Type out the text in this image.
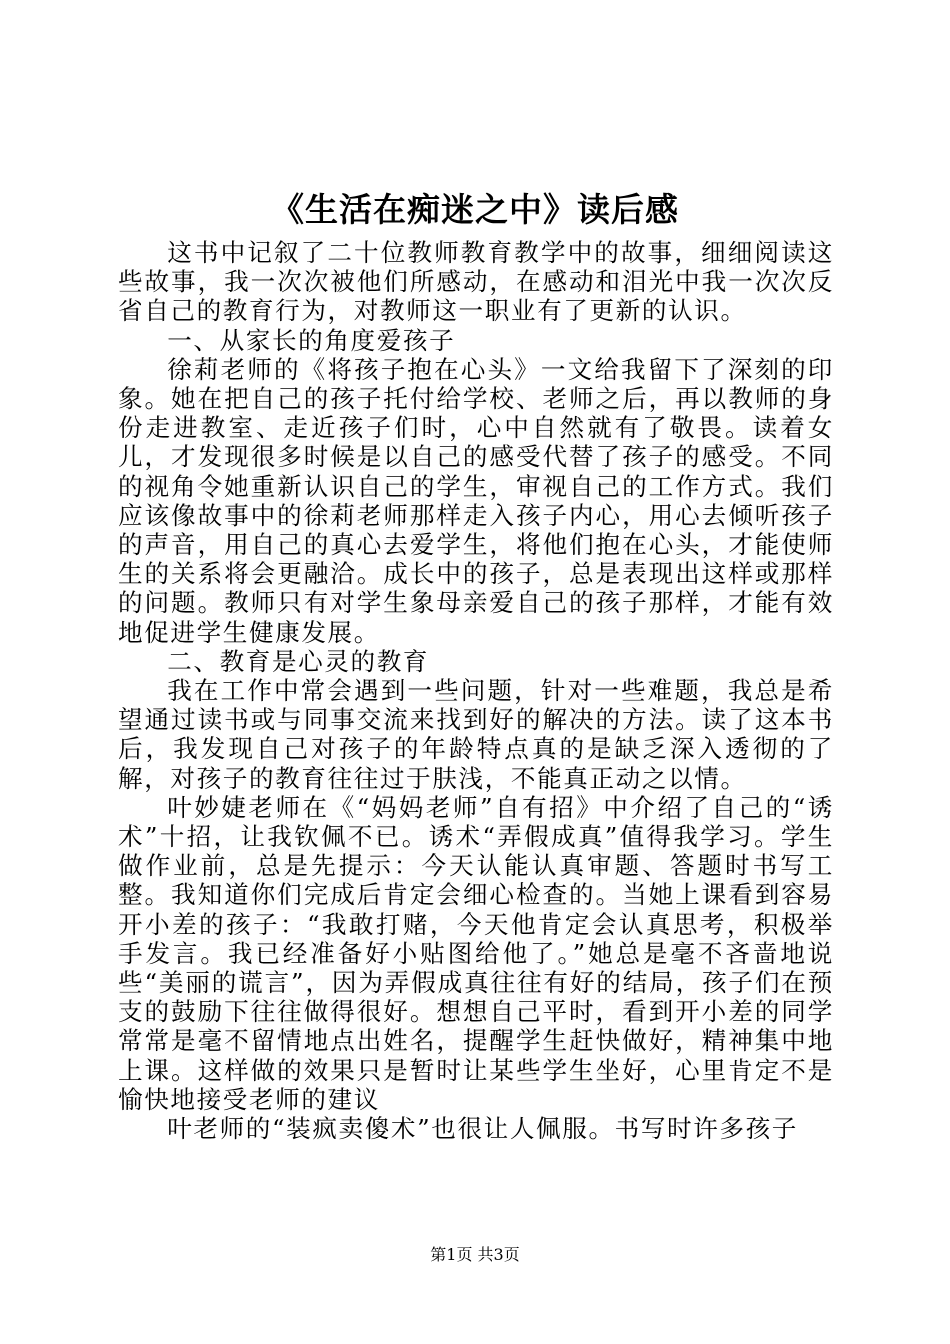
《生活在痴迷之中》读后感

这书中记叙了二十位教师教育教学中的故事，细细阅读这些故事，我一次次被他们所感动，在感动和泪光中我一次次反省自己的教育行为，对教师这一职业有了更新的认识。

一、从家长的角度爱孩子

徐莉老师的《将孩子抱在心头》一文给我留下了深刻的印象。她在把自己的孩子托付给学校、老师之后，再以教师的身份走进教室、走近孩子们时，心中自然就有了敬畏。读着女儿，才发现很多时候是以自己的感受代替了孩子的感受。不同的视角令她重新认识自己的学生，审视自己的工作方式。我们应该像故事中的徐莉老师那样走入孩子内心，用心去倾听孩子的声音，用自己的真心去爱学生，将他们抱在心头，才能使师生的关系将会更融洽。成长中的孩子，总是表现出这样或那样的问题。教师只有对学生象母亲爱自己的孩子那样，才能有效地促进学生健康发展。

二、教育是心灵的教育

我在工作中常会遇到一些问题，针对一些难题，我总是希望通过读书或与同事交流来找到好的解决的方法。读了这本书后，我发现自己对孩子的年龄特点真的是缺乏深入透彻的了解，对孩子的教育往往过于肤浅，不能真正动之以情。

叶妙婕老师在《“妈妈老师”自有招》中介绍了自己的“诱术”十招，让我钦佩不已。诱术“弄假成真”值得我学习。学生做作业前，总是先提示：今天认能认真审题、答题时书写工整。我知道你们完成后肯定会细心检查的。当她上课看到容易开小差的孩子：“我敢打赌，今天他肯定会认真思考，积极举手发言。我已经准备好小贴图给他了。”她总是毫不吝啬地说些“美丽的谎言”，因为弄假成真往往有好的结局，孩子们在预支的鼓励下往往做得很好。想想自己平时，看到开小差的同学常常是毫不留情地点出姓名，提醒学生赶快做好，精神集中地上课。这样做的效果只是暂时让某些学生坐好，心里肯定不是愉快地接受老师的建议

叶老师的“装疯卖傻术”也很让人佩服。书写时许多孩子

第1页 共3页
